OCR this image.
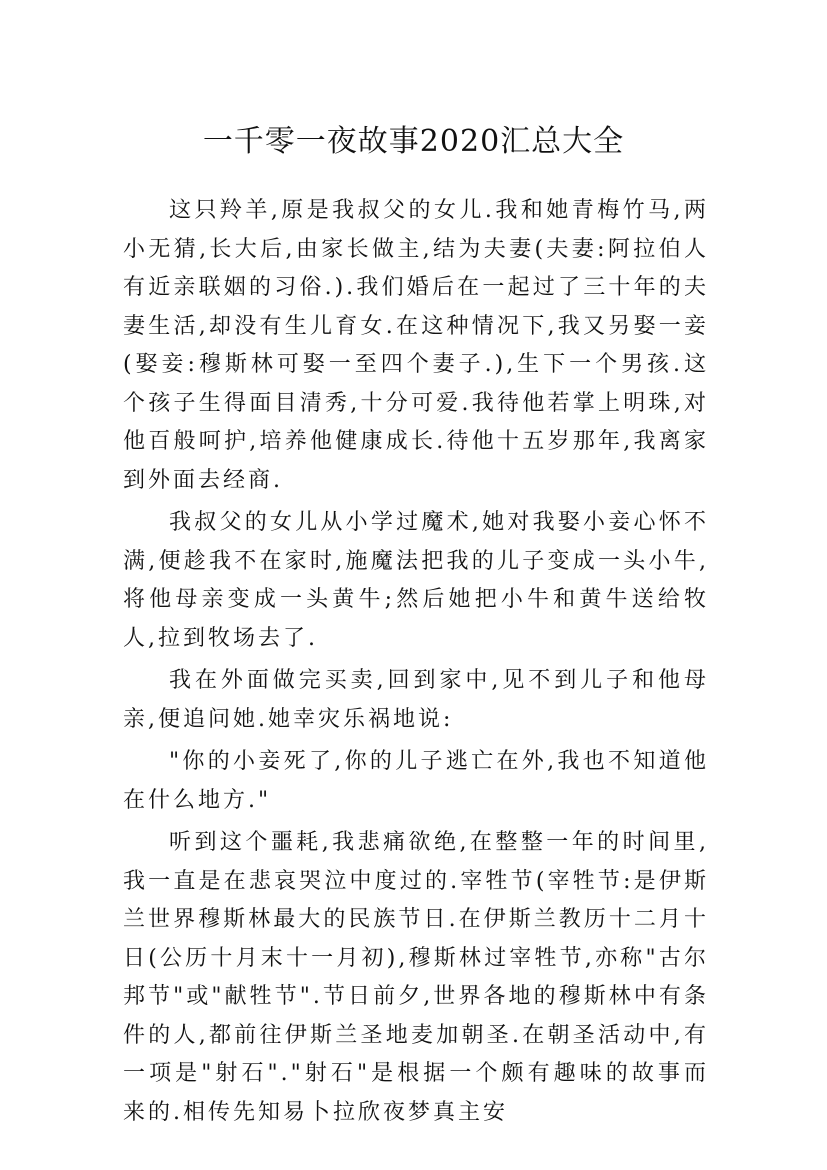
一千零一夜故事2020汇总大全

这只羚羊,原是我叔父的女儿.我和她青梅竹马,两小无猜,长大后,由家长做主,结为夫妻(夫妻:阿拉伯人有近亲联姻的习俗.).我们婚后在一起过了三十年的夫妻生活,却没有生儿育女.在这种情况下,我又另娶一妾(娶妾:穆斯林可娶一至四个妻子.),生下一个男孩.这个孩子生得面目清秀,十分可爱.我待他若掌上明珠,对他百般呵护,培养他健康成长.待他十五岁那年,我离家到外面去经商.

我叔父的女儿从小学过魔术,她对我娶小妾心怀不满,便趁我不在家时,施魔法把我的儿子变成一头小牛,将他母亲变成一头黄牛;然后她把小牛和黄牛送给牧人,拉到牧场去了.

我在外面做完买卖,回到家中,见不到儿子和他母亲,便追问她.她幸灾乐祸地说:

"你的小妾死了,你的儿子逃亡在外,我也不知道他在什么地方."

听到这个噩耗,我悲痛欲绝,在整整一年的时间里,我一直是在悲哀哭泣中度过的.宰牲节(宰牲节:是伊斯兰世界穆斯林最大的民族节日.在伊斯兰教历十二月十日(公历十月末十一月初),穆斯林过宰牲节,亦称"古尔邦节"或"献牲节".节日前夕,世界各地的穆斯林中有条件的人,都前往伊斯兰圣地麦加朝圣.在朝圣活动中,有一项是"射石"."射石"是根据一个颇有趣味的故事而来的.相传先知易卜拉欣夜梦真主安
